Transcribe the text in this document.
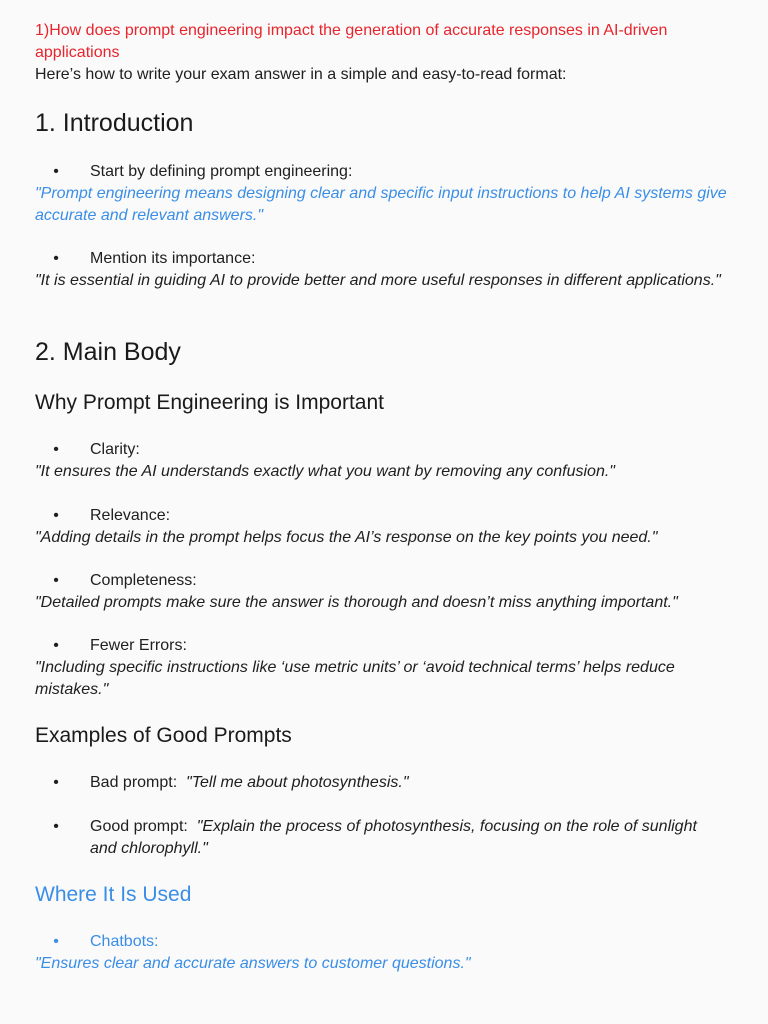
1)How does prompt engineering impact the generation of accurate responses in AI-driven applications
Here’s how to write your exam answer in a simple and easy-to-read format:
1. Introduction
• Start by defining prompt engineering:
"Prompt engineering means designing clear and specific input instructions to help AI systems give accurate and relevant answers."
• Mention its importance:
"It is essential in guiding AI to provide better and more useful responses in different applications."
2. Main Body
Why Prompt Engineering is Important
• Clarity:
"It ensures the AI understands exactly what you want by removing any confusion."
• Relevance:
"Adding details in the prompt helps focus the AI’s response on the key points you need."
• Completeness:
"Detailed prompts make sure the answer is thorough and doesn’t miss anything important."
• Fewer Errors:
"Including specific instructions like ‘use metric units’ or ‘avoid technical terms’ helps reduce mistakes."
Examples of Good Prompts
• Bad prompt: "Tell me about photosynthesis."
• Good prompt: "Explain the process of photosynthesis, focusing on the role of sunlight and chlorophyll."
Where It Is Used
• Chatbots:
"Ensures clear and accurate answers to customer questions."
